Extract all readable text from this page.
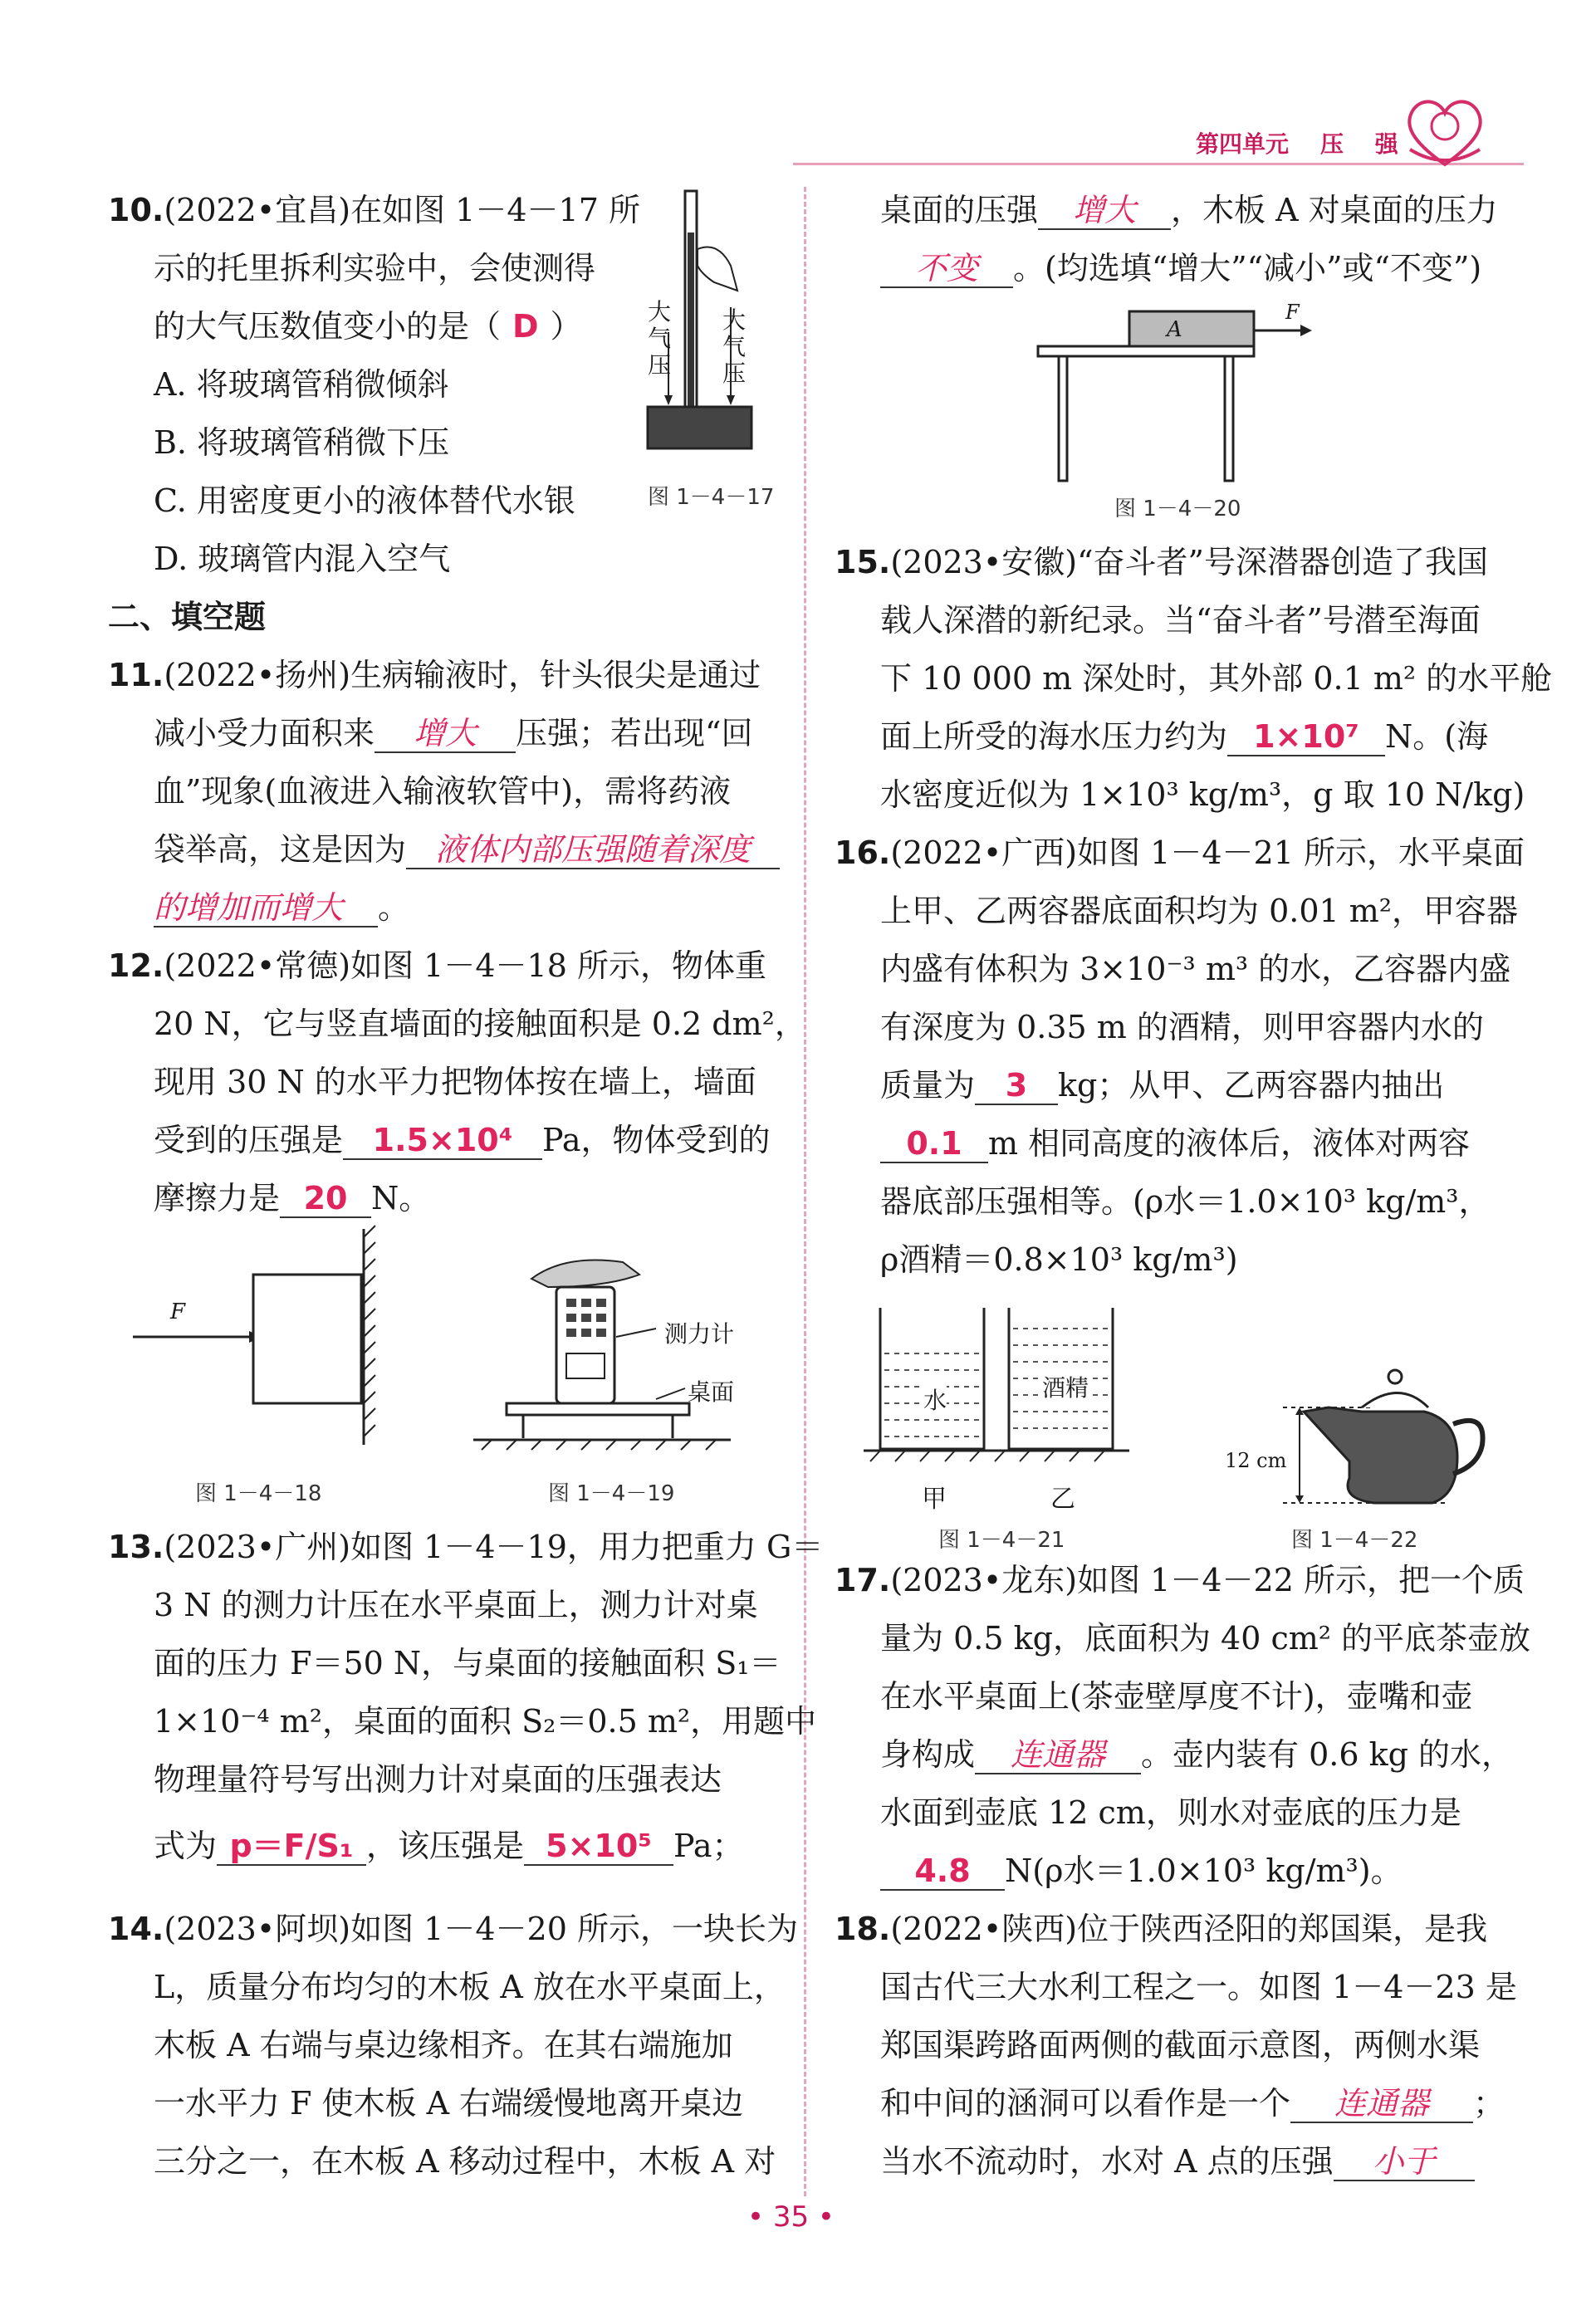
第四单元 压 强
10.(2022•宜昌)在如图 1－4－17 所
示的托里拆利实验中，会使测得
的大气压数值变小的是（ D ）
A. 将玻璃管稍微倾斜
B. 将玻璃管稍微下压
C. 用密度更小的液体替代水银
D. 玻璃管内混入空气
大气压
大气压
图 1－4－17
二、填空题
11.(2022•扬州)生病输液时，针头很尖是通过
减小受力面积来 增大 压强；若出现“回
血”现象(血液进入输液软管中)，需将药液
袋举高，这是因为 液体内部压强随着深度
的增加而增大 。
12.(2022•常德)如图 1－4－18 所示，物体重
20 N，它与竖直墙面的接触面积是 0.2 dm²，
现用 30 N 的水平力把物体按在墙上，墙面
受到的压强是 1.5×10⁴ Pa，物体受到的
摩擦力是 20 N。
F
图 1－4－18
测力计
桌面
图 1－4－19
13.(2023•广州)如图 1－4－19，用力把重力 G＝
3 N 的测力计压在水平桌面上，测力计对桌
面的压力 F＝50 N，与桌面的接触面积 S₁＝
1×10⁻⁴ m²，桌面的面积 S₂＝0.5 m²，用题中
物理量符号写出测力计对桌面的压强表达
式为 p＝F/S₁ ，该压强是 5×10⁵ Pa；
14.(2023•阿坝)如图 1－4－20 所示，一块长为
L，质量分布均匀的木板 A 放在水平桌面上，
木板 A 右端与桌边缘相齐。在其右端施加
一水平力 F 使木板 A 右端缓慢地离开桌边
三分之一，在木板 A 移动过程中，木板 A 对
桌面的压强 增大 ，木板 A 对桌面的压力
不变 。(均选填“增大”“减小”或“不变”)
A
F
图 1－4－20
15.(2023•安徽)“奋斗者”号深潜器创造了我国
载人深潜的新纪录。当“奋斗者”号潜至海面
下 10 000 m 深处时，其外部 0.1 m² 的水平舱
面上所受的海水压力约为 1×10⁷ N。(海
水密度近似为 1×10³ kg/m³，g 取 10 N/kg)
16.(2022•广西)如图 1－4－21 所示，水平桌面
上甲、乙两容器底面积均为 0.01 m²，甲容器
内盛有体积为 3×10⁻³ m³ 的水，乙容器内盛
有深度为 0.35 m 的酒精，则甲容器内水的
质量为 3 kg；从甲、乙两容器内抽出
0.1 m 相同高度的液体后，液体对两容
器底部压强相等。(ρ水＝1.0×10³ kg/m³，
ρ酒精＝0.8×10³ kg/m³)
水	酒精
甲	乙
图 1－4－21
12 cm
图 1－4－22
17.(2023•龙东)如图 1－4－22 所示，把一个质
量为 0.5 kg，底面积为 40 cm² 的平底茶壶放
在水平桌面上(茶壶壁厚度不计)，壶嘴和壶
身构成 连通器 。壶内装有 0.6 kg 的水，
水面到壶底 12 cm，则水对壶底的压力是
4.8 N(ρ水＝1.0×10³ kg/m³)。
18.(2022•陕西)位于陕西泾阳的郑国渠，是我
国古代三大水利工程之一。如图 1－4－23 是
郑国渠跨路面两侧的截面示意图，两侧水渠
和中间的涵洞可以看作是一个 连通器 ；
当水不流动时，水对 A 点的压强 小于
• 35 •
